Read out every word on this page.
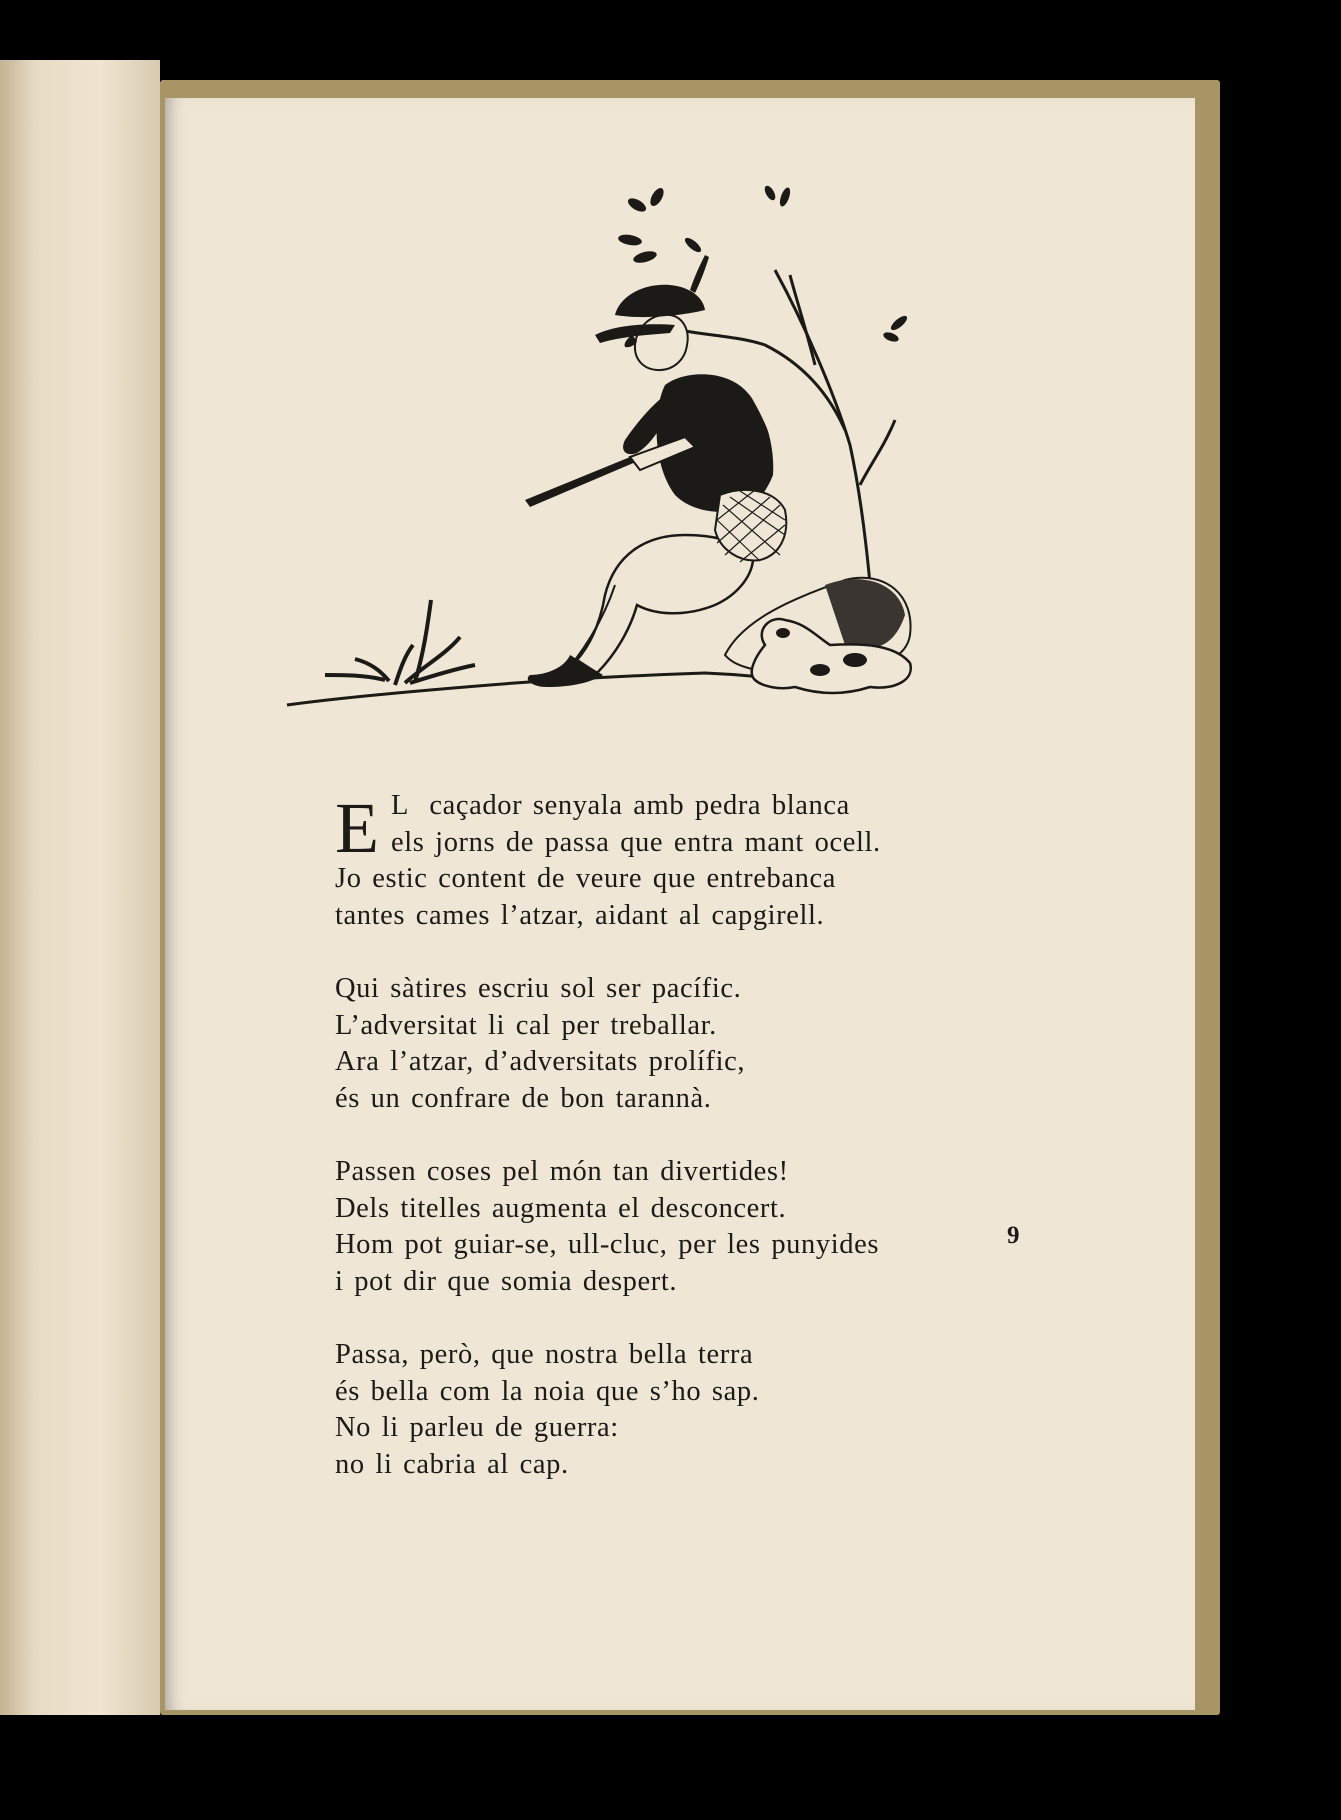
E L  caçador senyala amb pedra blanca
els jorns de passa que entra mant ocell.
Jo estic content de veure que entrebanca
tantes cames l’atzar, aidant al capgirell.
Qui sàtires escriu sol ser pacífic.
L’adversitat li cal per treballar.
Ara l’atzar, d’adversitats prolífic,
és un confrare de bon tarannà.
Passen coses pel món tan divertides!
Dels titelles augmenta el desconcert.
Hom pot guiar-se, ull-cluc, per les punyides
i pot dir que somia despert.
Passa, però, que nostra bella terra
és bella com la noia que s’ho sap.
No li parleu de guerra:
no li cabria al cap.
9
